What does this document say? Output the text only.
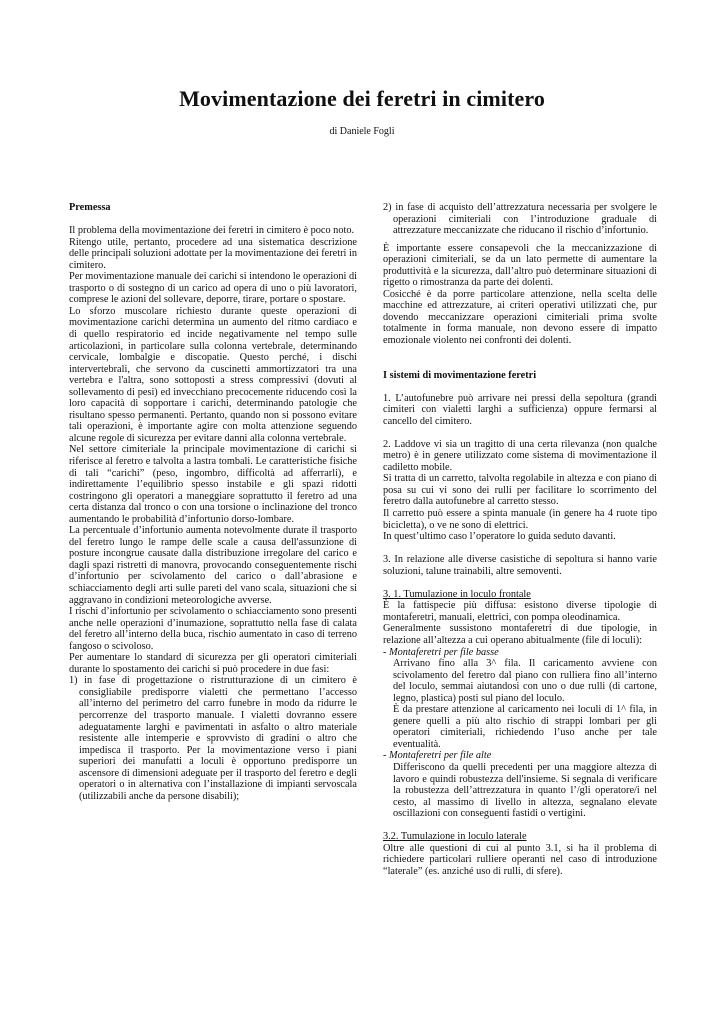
Movimentazione dei feretri in cimitero
di Daniele Fogli

Premessa

Il problema della movimentazione dei feretri in cimitero è poco noto.

Ritengo utile, pertanto, procedere ad una sistematica descrizione delle principali soluzioni adottate per la movimentazione dei feretri in cimitero.

Per movimentazione manuale dei carichi si intendono le operazioni di trasporto o di sostegno di un carico ad opera di uno o più lavoratori, comprese le azioni del sollevare, deporre, tirare, portare o spostare.

Lo sforzo muscolare richiesto durante queste operazioni di movimentazione carichi determina un aumento del ritmo cardiaco e di quello respiratorio ed incide negativamente nel tempo sulle articolazioni, in particolare sulla colonna vertebrale, determinando cervicale, lombalgie e discopatie. Questo perché, i dischi intervertebrali, che servono da cuscinetti ammortizzatori tra una vertebra e l'altra, sono sottoposti a stress compressivi (dovuti al sollevamento di pesi) ed invecchiano precocemente riducendo così la loro capacità di sopportare i carichi, determinando patologie che risultano spesso permanenti. Pertanto, quando non si possono evitare tali operazioni, è importante agire con molta attenzione seguendo alcune regole di sicurezza per evitare danni alla colonna vertebrale.

Nel settore cimiteriale la principale movimentazione di carichi si riferisce al feretro e talvolta a lastra tombali. Le caratteristiche fisiche di tali “carichi” (peso, ingombro, difficoltà ad afferrarli), e indirettamente l’equilibrio spesso instabile e gli spazi ridotti costringono gli operatori a maneggiare soprattutto il feretro ad una certa distanza dal tronco o con una torsione o inclinazione del tronco aumentando le probabilità d’infortunio dorso-lombare.

La percentuale d’infortunio aumenta notevolmente durate il trasporto del feretro lungo le rampe delle scale a causa dell'assunzione di posture incongrue causate dalla distribuzione irregolare del carico e dagli spazi ristretti di manovra, provocando conseguentemente rischi d’infortunio per scivolamento del carico o dall’abrasione e schiacciamento degli arti sulle pareti del vano scala, situazioni che si aggravano in condizioni meteorologiche avverse.

I rischi d’infortunio per scivolamento o schiacciamento sono presenti anche nelle operazioni d’inumazione, soprattutto nella fase di calata del feretro all’interno della buca, rischio aumentato in caso di terreno fangoso o scivoloso.

Per aumentare lo standard di sicurezza per gli operatori cimiteriali durante lo spostamento dei carichi si può procedere in due fasi:

1) in fase di progettazione o ristrutturazione di un cimitero è consigliabile predisporre vialetti che permettano l’accesso all’interno del perimetro del carro funebre in modo da ridurre le percorrenze del trasporto manuale. I vialetti dovranno essere adeguatamente larghi e pavimentati in asfalto o altro materiale resistente alle intemperie e sprovvisto di gradini o altro che impedisca il trasporto. Per la movimentazione verso i piani superiori dei manufatti a loculi è opportuno predisporre un ascensore di dimensioni adeguate per il trasporto del feretro e degli operatori o in alternativa con l’installazione di impianti servoscala (utilizzabili anche da persone disabili);

2) in fase di acquisto dell’attrezzatura necessaria per svolgere le operazioni cimiteriali con l’introduzione graduale di attrezzature meccanizzate che riducano il rischio d’infortunio.

È importante essere consapevoli che la meccanizzazione di operazioni cimiteriali, se da un lato permette di aumentare la produttività e la sicurezza, dall’altro può determinare situazioni di rigetto o rimostranza da parte dei dolenti.

Cosicché è da porre particolare attenzione, nella scelta delle macchine ed attrezzature, ai criteri operativi utilizzati che, pur dovendo meccanizzare operazioni cimiteriali prima svolte totalmente in forma manuale, non devono essere di impatto emozionale violento nei confronti dei dolenti.

I sistemi di movimentazione feretri

1. L’autofunebre può arrivare nei pressi della sepoltura (grandi cimiteri con vialetti larghi a sufficienza) oppure fermarsi al cancello del cimitero.

2. Laddove vi sia un tragitto di una certa rilevanza (non qualche metro) è in genere utilizzato come sistema di movimentazione il cadiletto mobile.

Si tratta di un carretto, talvolta regolabile in altezza e con piano di posa su cui vi sono dei rulli per facilitare lo scorrimento del feretro dalla autofunebre al carretto stesso.

Il carretto può essere a spinta manuale (in genere ha 4 ruote tipo bicicletta), o ve ne sono di elettrici.

In quest’ultimo caso l’operatore lo guida seduto davanti.

3. In relazione alle diverse casistiche di sepoltura si hanno varie soluzioni, talune trainabili, altre semoventi.

3. 1. Tumulazione in loculo frontale

È la fattispecie più diffusa: esistono diverse tipologie di montaferetri, manuali, elettrici, con pompa oleodinamica.

Generalmente sussistono montaferetri di due tipologie, in relazione all’altezza a cui operano abitualmente (file di loculi):

- Montaferetri per file basse

Arrivano fino alla 3^ fila. Il caricamento avviene con scivolamento del feretro dal piano con rulliera fino all’interno del loculo, semmai aiutandosi con uno o due rulli (di cartone, legno, plastica) posti sul piano del loculo.

È da prestare attenzione al caricamento nei loculi di 1^ fila, in genere quelli a più alto rischio di strappi lombari per gli operatori cimiteriali, richiedendo l’uso anche per tale eventualità.

- Montaferetri per file alte

Differiscono da quelli precedenti per una maggiore altezza di lavoro e quindi robustezza dell'insieme. Si segnala di verificare la robustezza dell’attrezzatura in quanto l’/gli operatore/i nel cesto, al massimo di livello in altezza, segnalano elevate oscillazioni con conseguenti fastidi o vertigini.

3.2. Tumulazione in loculo laterale

Oltre alle questioni di cui al punto 3.1, si ha il problema di richiedere particolari rulliere operanti nel caso di introduzione “laterale” (es. anziché uso di rulli, di sfere).
